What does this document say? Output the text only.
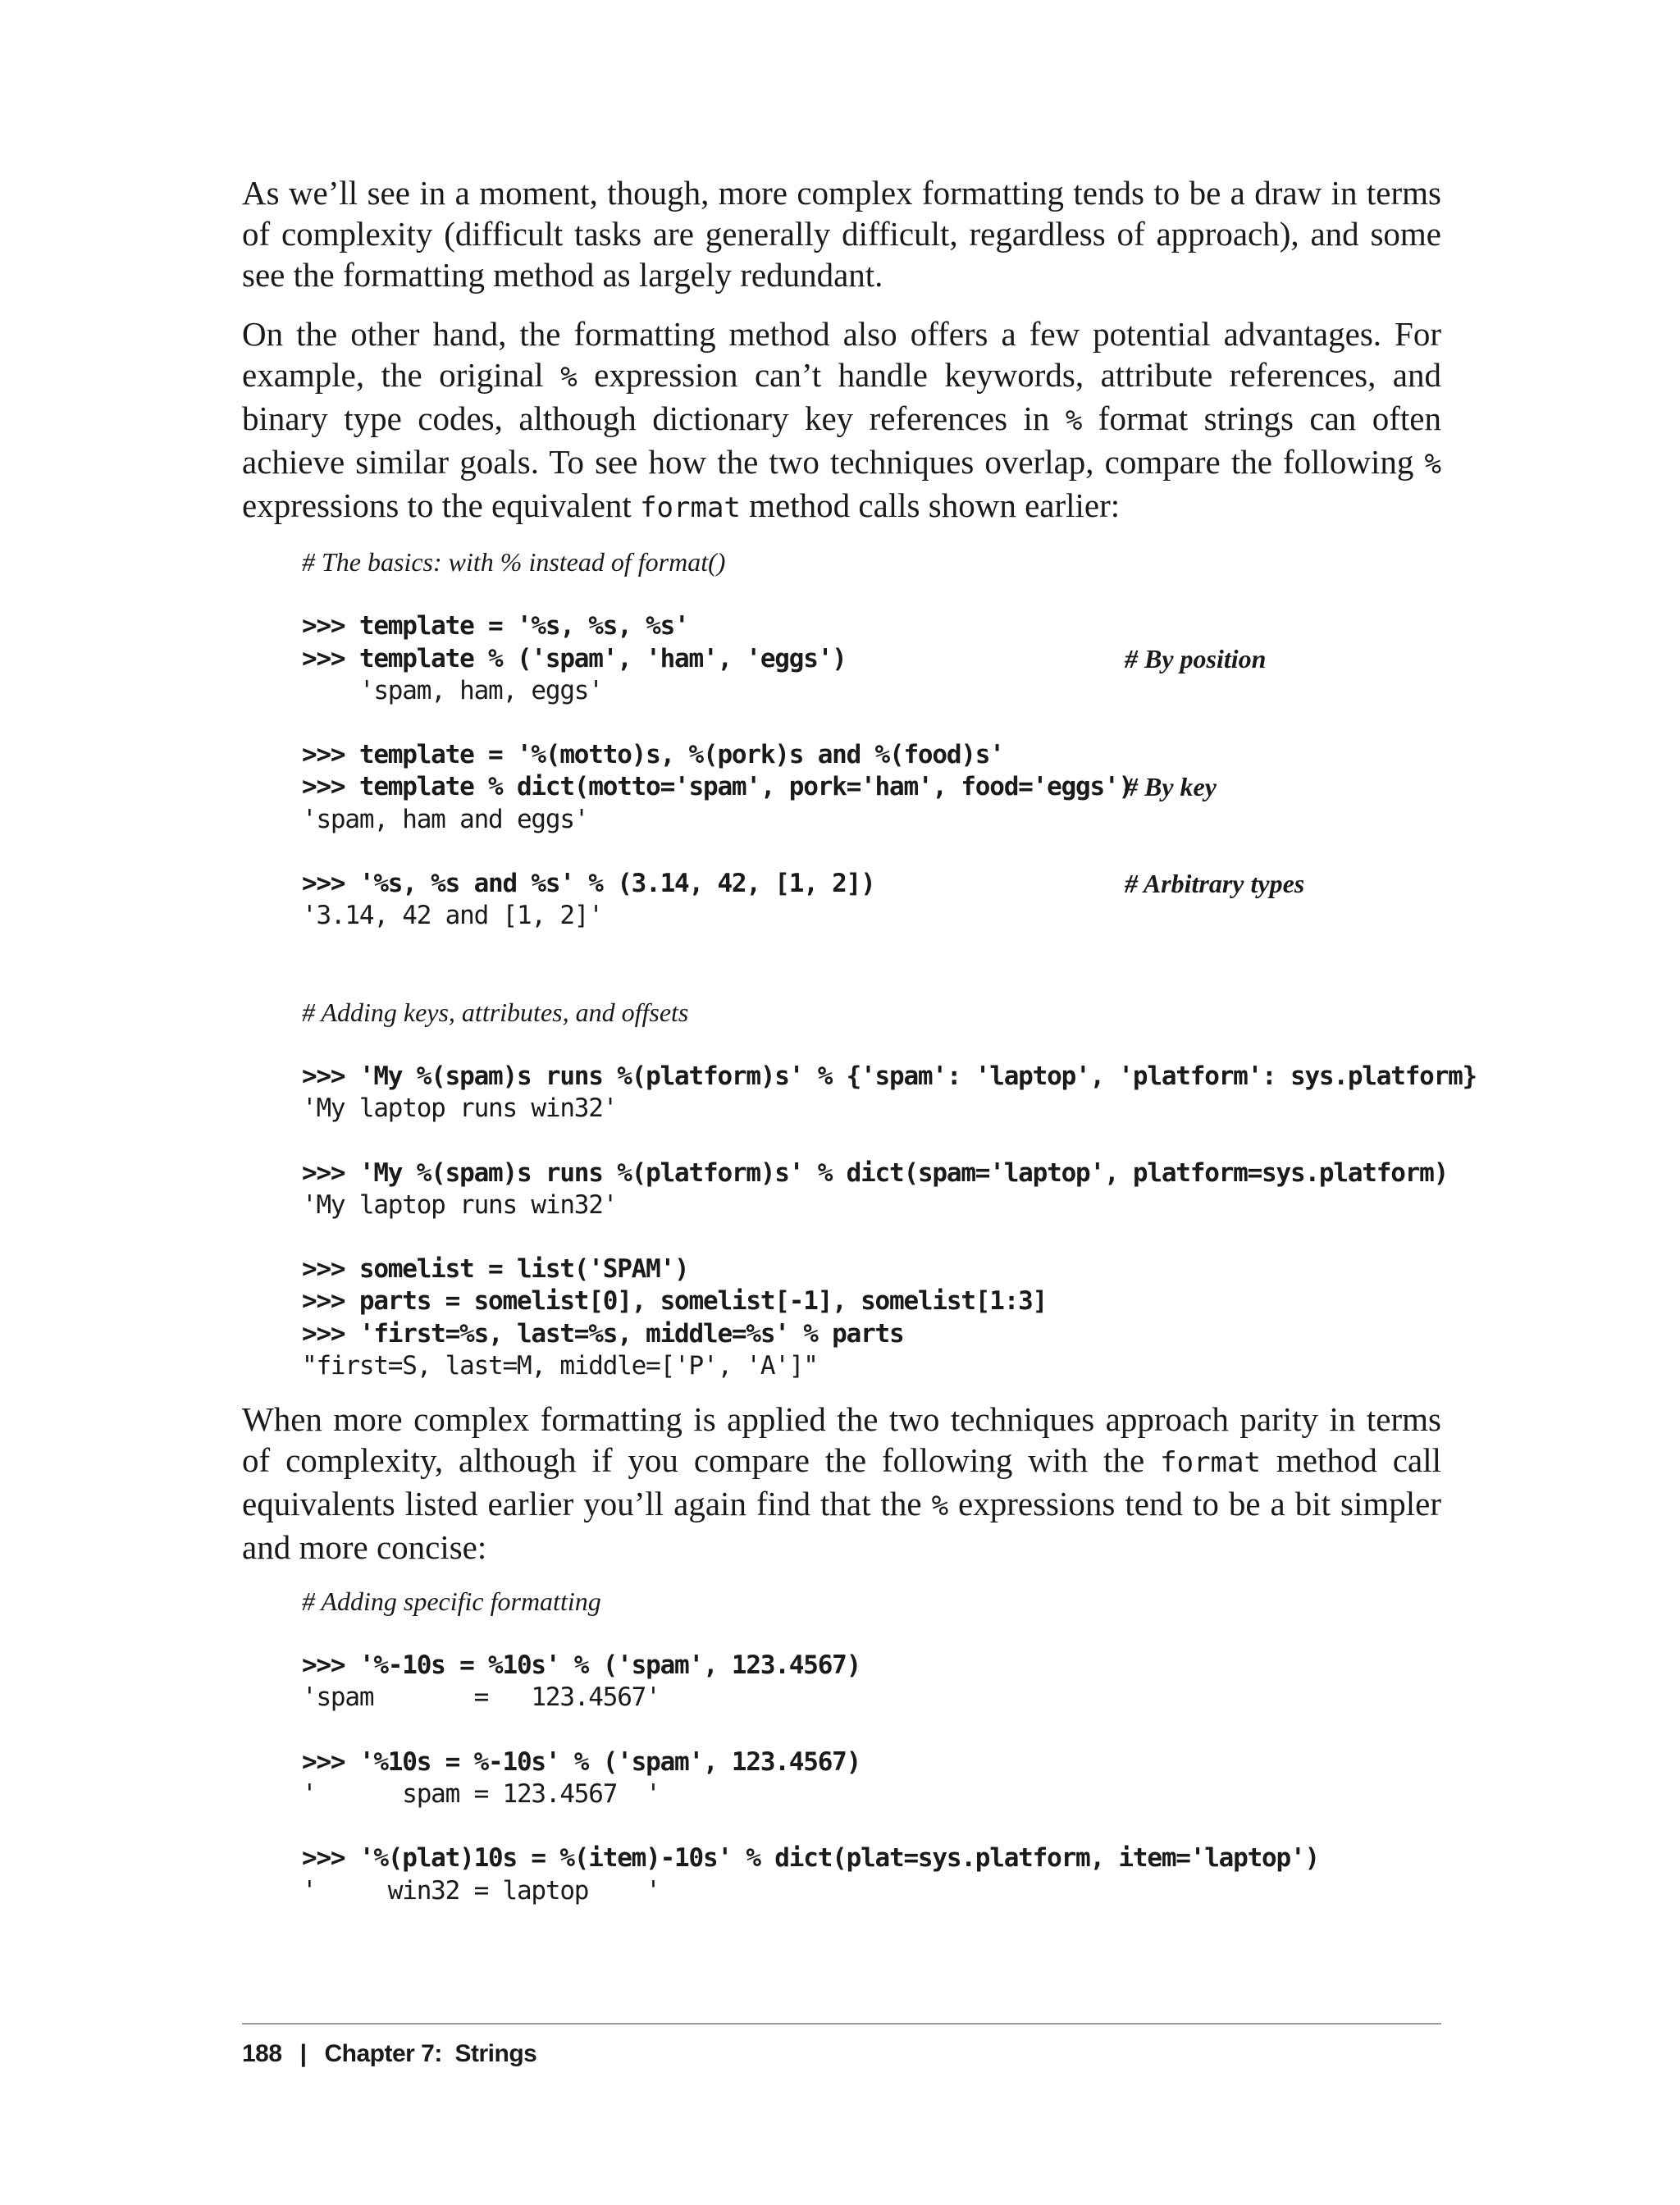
As we’ll see in a moment, though, more complex formatting tends to be a draw in terms of complexity (difficult tasks are generally difficult, regardless of approach), and some see the formatting method as largely redundant.

On the other hand, the formatting method also offers a few potential advantages. For example, the original % expression can’t handle keywords, attribute references, and binary type codes, although dictionary key references in % format strings can often achieve similar goals. To see how the two techniques overlap, compare the following % expressions to the equivalent format method calls shown earlier:

# The basics: with % instead of format()
>>> template = '%s, %s, %s'
>>> template % ('spam', 'ham', 'eggs')	# By position
'spam, ham, eggs'
>>> template = '%(motto)s, %(pork)s and %(food)s'
>>> template % dict(motto='spam', pork='ham', food='eggs')
# By key
'spam, ham and eggs'
>>> '%s, %s and %s' % (3.14, 42, [1, 2])	# Arbitrary types
'3.14, 42 and [1, 2]'
# Adding keys, attributes, and offsets
>>> 'My %(spam)s runs %(platform)s' % {'spam': 'laptop', 'platform': sys.platform}
'My laptop runs win32'
>>> 'My %(spam)s runs %(platform)s' % dict(spam='laptop', platform=sys.platform)
'My laptop runs win32'
>>> somelist = list('SPAM')
>>> parts = somelist[0], somelist[-1], somelist[1:3]
>>> 'first=%s, last=%s, middle=%s' % parts
"first=S, last=M, middle=['P', 'A']"

When more complex formatting is applied the two techniques approach parity in terms of complexity, although if you compare the following with the format method call equivalents listed earlier you’ll again find that the % expressions tend to be a bit simpler and more concise:

# Adding specific formatting
>>> '%-10s = %10s' % ('spam', 123.4567)
'spam       =   123.4567'
>>> '%10s = %-10s' % ('spam', 123.4567)
'      spam = 123.4567  '
>>> '%(plat)10s = %(item)-10s' % dict(plat=sys.platform, item='laptop')
'     win32 = laptop    '
188 | Chapter 7:  Strings
